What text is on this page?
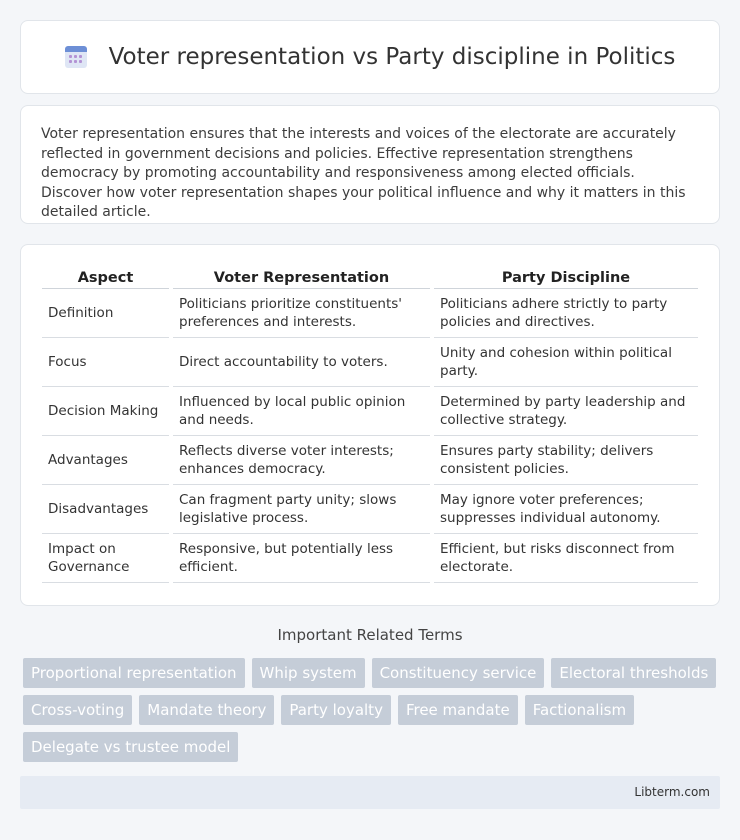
Voter representation vs Party discipline in Politics
Voter representation ensures that the interests and voices of the electorate are accurately reflected in government decisions and policies. Effective representation strengthens democracy by promoting accountability and responsiveness among elected officials. Discover how voter representation shapes your political influence and why it matters in this detailed article.
Aspect	Voter Representation	Party Discipline
Definition	Politicians prioritize constituents' preferences and interests.	Politicians adhere strictly to party policies and directives.
Focus	Direct accountability to voters.	Unity and cohesion within political party.
Decision Making	Influenced by local public opinion and needs.	Determined by party leadership and collective strategy.
Advantages	Reflects diverse voter interests; enhances democracy.	Ensures party stability; delivers consistent policies.
Disadvantages	Can fragment party unity; slows legislative process.	May ignore voter preferences; suppresses individual autonomy.
Impact on Governance	Responsive, but potentially less efficient.	Efficient, but risks disconnect from electorate.
Important Related Terms
Proportional representation	Whip system	Constituency service	Electoral thresholds
Cross-voting	Mandate theory	Party loyalty	Free mandate	Factionalism
Delegate vs trustee model
Libterm.com
